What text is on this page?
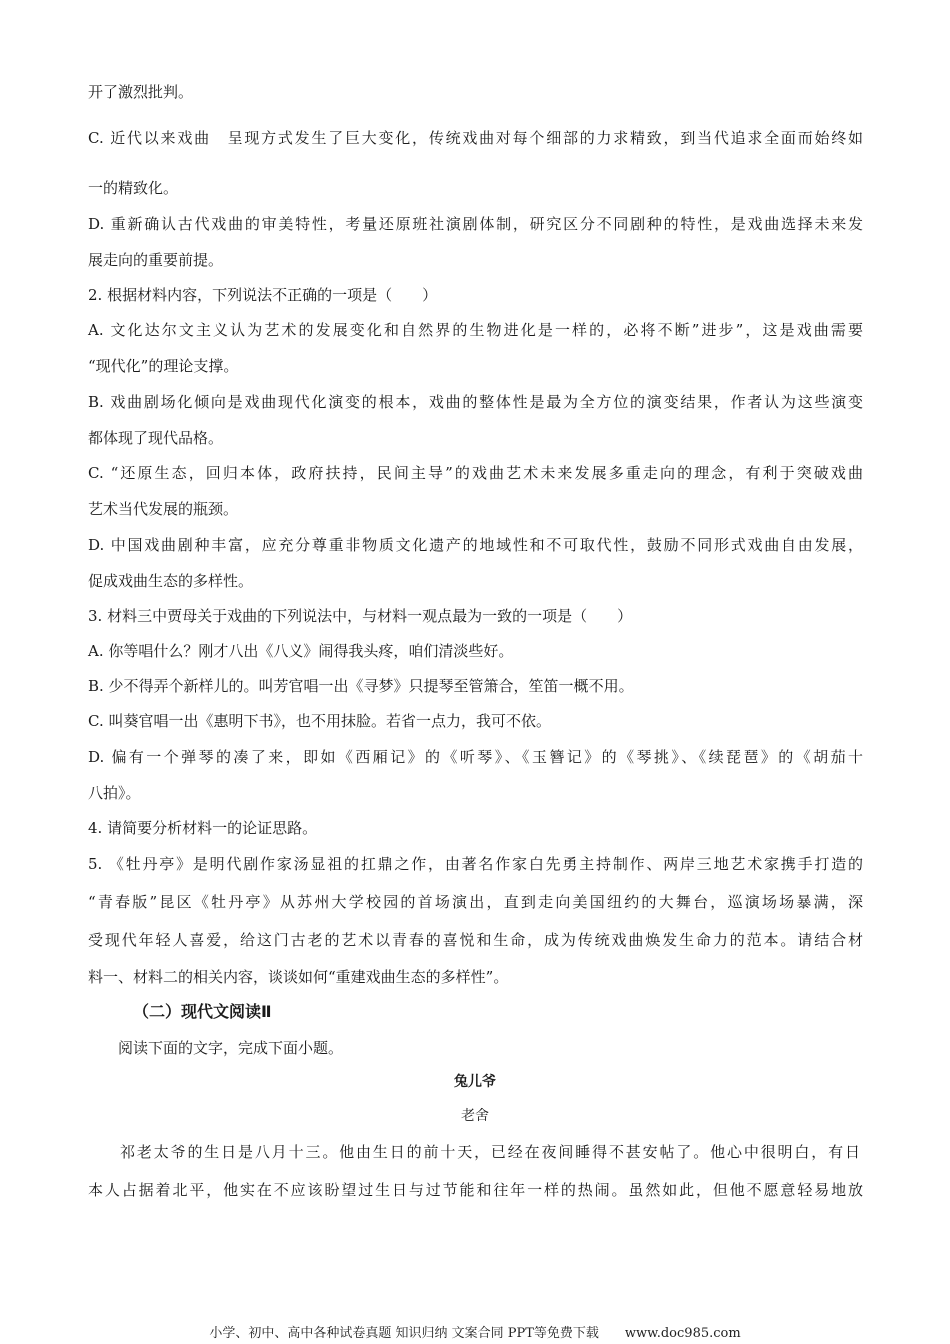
开了激烈批判。
C. 近代以来戏曲　呈现方式发生了巨大变化，传统戏曲对每个细部的力求精致，到当代追求全面而始终如
一的精致化。
D. 重新确认古代戏曲的审美特性，考量还原班社演剧体制，研究区分不同剧种的特性，是戏曲选择未来发
展走向的重要前提。
2. 根据材料内容，下列说法不正确的一项是（　　）
A. 文化达尔文主义认为艺术的发展变化和自然界的生物进化是一样的，必将不断”进步”，这是戏曲需要
“现代化”的理论支撑。
B. 戏曲剧场化倾向是戏曲现代化演变的根本，戏曲的整体性是最为全方位的演变结果，作者认为这些演变
都体现了现代品格。
C. “还原生态，回归本体，政府扶持，民间主导”的戏曲艺术未来发展多重走向的理念，有利于突破戏曲
艺术当代发展的瓶颈。
D. 中国戏曲剧种丰富，应充分尊重非物质文化遗产的地域性和不可取代性，鼓励不同形式戏曲自由发展，
促成戏曲生态的多样性。
3. 材料三中贾母关于戏曲的下列说法中，与材料一观点最为一致的一项是（　　）
A. 你等唱什么？刚才八出《八义》闹得我头疼，咱们清淡些好。
B. 少不得弄个新样儿的。叫芳官唱一出《寻梦》只提琴至管箫合，笙笛一概不用。
C. 叫葵官唱一出《惠明下书》，也不用抹脸。若省一点力，我可不依。
D. 偏有一个弹琴的凑了来，即如《西厢记》的《听琴》、《玉簪记》的《琴挑》、《续琵琶》的《胡茄十
八拍》。
4. 请简要分析材料一的论证思路。
5. 《牡丹亭》是明代剧作家汤显祖的扛鼎之作，由著名作家白先勇主持制作、两岸三地艺术家携手打造的
“青春版”昆区《牡丹亭》从苏州大学校园的首场演出，直到走向美国纽约的大舞台，巡演场场暴满，深
受现代年轻人喜爱，给这门古老的艺术以青春的喜悦和生命，成为传统戏曲焕发生命力的范本。请结合材
料一、材料二的相关内容，谈谈如何“重建戏曲生态的多样性”。
（二）现代文阅读Ⅱ
阅读下面的文字，完成下面小题。
兔儿爷
老舍
祁老太爷的生日是八月十三。他由生日的前十天，已经在夜间睡得不甚安帖了。他心中很明白，有日
本人占据着北平，他实在不应该盼望过生日与过节能和往年一样的热闹。虽然如此，但他不愿意轻易地放
小学、初中、高中各种试卷真题 知识归纳 文案合同 PPT等免费下载　　www.doc985.com
